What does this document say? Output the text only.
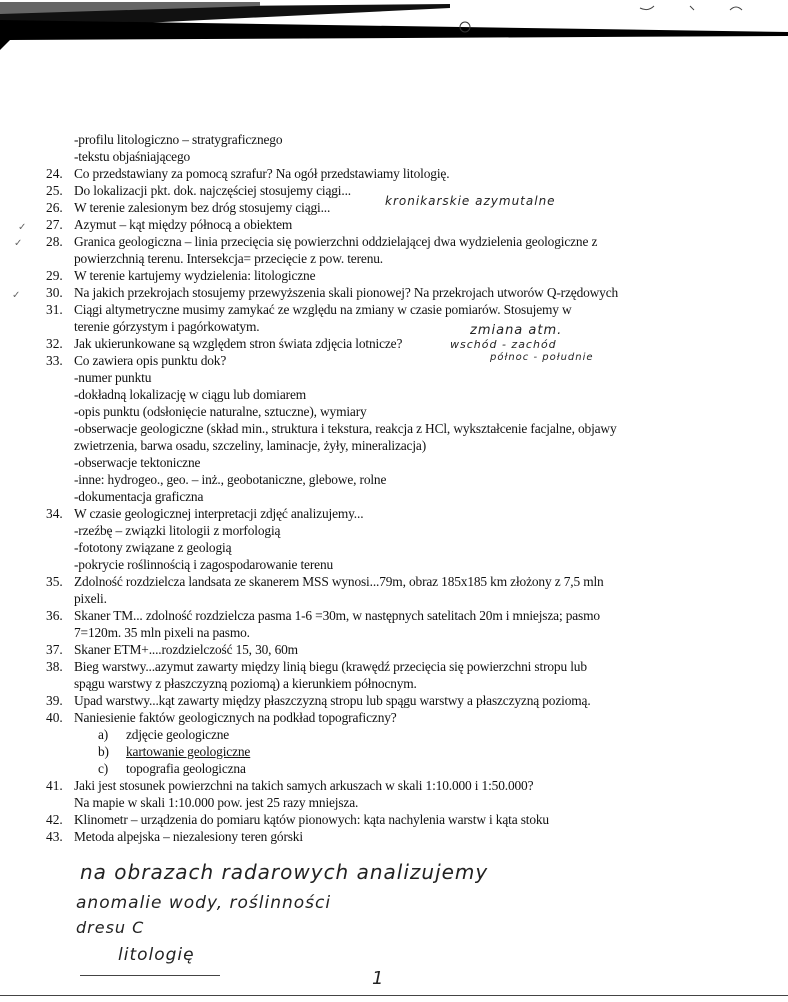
-profilu litologiczno – stratygraficznego
-tekstu objaśniającego
24. Co przedstawiany za pomocą szrafur? Na ogół przedstawiamy litologię.
25. Do lokalizacji pkt. dok. najczęściej stosujemy ciągi...
26. W terenie zalesionym bez dróg stosujemy ciągi...
27. Azymut – kąt między północą a obiektem
28. Granica geologiczna – linia przecięcia się powierzchni oddzielającej dwa wydzielenia geologiczne z
powierzchnią terenu. Intersekcja= przecięcie z pow. terenu.
29. W terenie kartujemy wydzielenia: litologiczne
30. Na jakich przekrojach stosujemy przewyższenia skali pionowej? Na przekrojach utworów Q-rzędowych
31. Ciągi altymetryczne musimy zamykać ze względu na zmiany w czasie pomiarów. Stosujemy w
terenie górzystym i pagórkowatym.
32. Jak ukierunkowane są względem stron świata zdjęcia lotnicze?
33. Co zawiera opis punktu dok?
-numer punktu
-dokładną lokalizację w ciągu lub domiarem
-opis punktu (odsłonięcie naturalne, sztuczne), wymiary
-obserwacje geologiczne (skład min., struktura i tekstura, reakcja z HCl, wykształcenie facjalne, objawy
zwietrzenia, barwa osadu, szczeliny, laminacje, żyły, mineralizacja)
-obserwacje tektoniczne
-inne: hydrogeo., geo. – inż., geobotaniczne, glebowe, rolne
-dokumentacja graficzna
34. W czasie geologicznej interpretacji zdjęć analizujemy...
-rzeźbę – związki litologii z morfologią
-fototony związane z geologią
-pokrycie roślinnością i zagospodarowanie terenu
35. Zdolność rozdzielcza landsata ze skanerem MSS wynosi...79m, obraz 185x185 km złożony z 7,5 mln
pixeli.
36. Skaner TM... zdolność rozdzielcza pasma 1-6 =30m, w następnych satelitach 20m i mniejsza; pasmo
7=120m. 35 mln pixeli na pasmo.
37. Skaner ETM+....rozdzielczość 15, 30, 60m
38. Bieg warstwy...azymut zawarty między linią biegu (krawędź przecięcia się powierzchni stropu lub
spągu warstwy z płaszczyzną poziomą) a kierunkiem północnym.
39. Upad warstwy...kąt zawarty między płaszczyzną stropu lub spągu warstwy a płaszczyzną poziomą.
40. Naniesienie faktów geologicznych na podkład topograficzny?
a) zdjęcie geologiczne
b) kartowanie geologiczne
c) topografia geologiczna
41. Jaki jest stosunek powierzchni na takich samych arkuszach w skali 1:10.000 i 1:50.000?
Na mapie w skali 1:10.000 pow. jest 25 razy mniejsza.
42. Klinometr – urządzenia do pomiaru kątów pionowych: kąta nachylenia warstw i kąta stoku
43. Metoda alpejska – niezalesiony teren górski
kronikarskie azymutalne
zmiana atm.
wschód - zachód
północ - południe
na obrazach radarowych analizujemy
anomalie wody, roślinności
dresu C
litologię
1
✓
✓
✓
